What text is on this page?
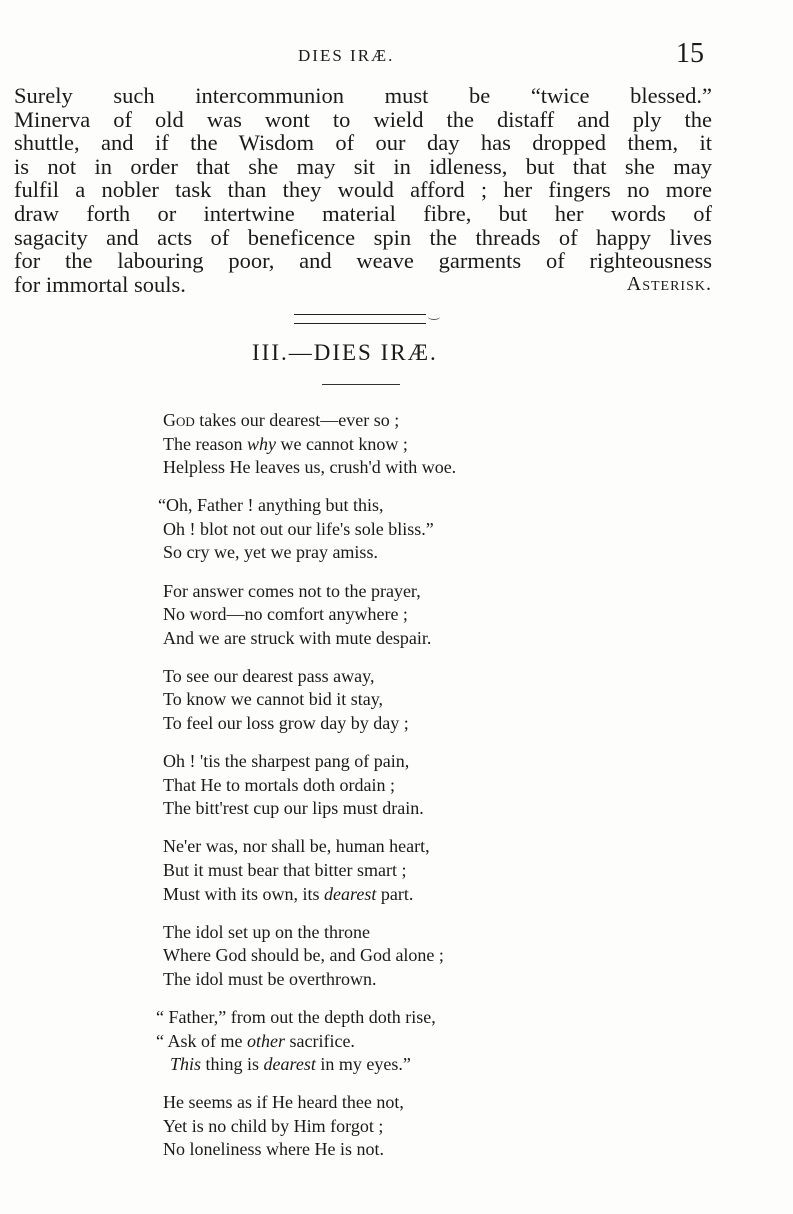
DIES IRÆ.	15
Surely such intercommunion must be “twice blessed.”
Minerva of old was wont to wield the distaff and ply the
shuttle, and if the Wisdom of our day has dropped them, it
is not in order that she may sit in idleness, but that she may
fulfil a nobler task than they would afford ; her fingers no more
draw forth or intertwine material fibre, but her words of
sagacity and acts of beneficence spin the threads of happy lives
for the labouring poor, and weave garments of righteousness
for immortal souls.	Asterisk.
III.—DIES IRÆ.
God takes our dearest—ever so ;
The reason why we cannot know ;
Helpless He leaves us, crush'd with woe.
“Oh, Father ! anything but this,
Oh ! blot not out our life's sole bliss.”
So cry we, yet we pray amiss.
For answer comes not to the prayer,
No word—no comfort anywhere ;
And we are struck with mute despair.
To see our dearest pass away,
To know we cannot bid it stay,
To feel our loss grow day by day ;
Oh ! 'tis the sharpest pang of pain,
That He to mortals doth ordain ;
The bitt'rest cup our lips must drain.
Ne'er was, nor shall be, human heart,
But it must bear that bitter smart ;
Must with its own, its dearest part.
The idol set up on the throne
Where God should be, and God alone ;
The idol must be overthrown.
“ Father,” from out the depth doth rise,
“ Ask of me other sacrifice.
This thing is dearest in my eyes.”
He seems as if He heard thee not,
Yet is no child by Him forgot ;
No loneliness where He is not.
